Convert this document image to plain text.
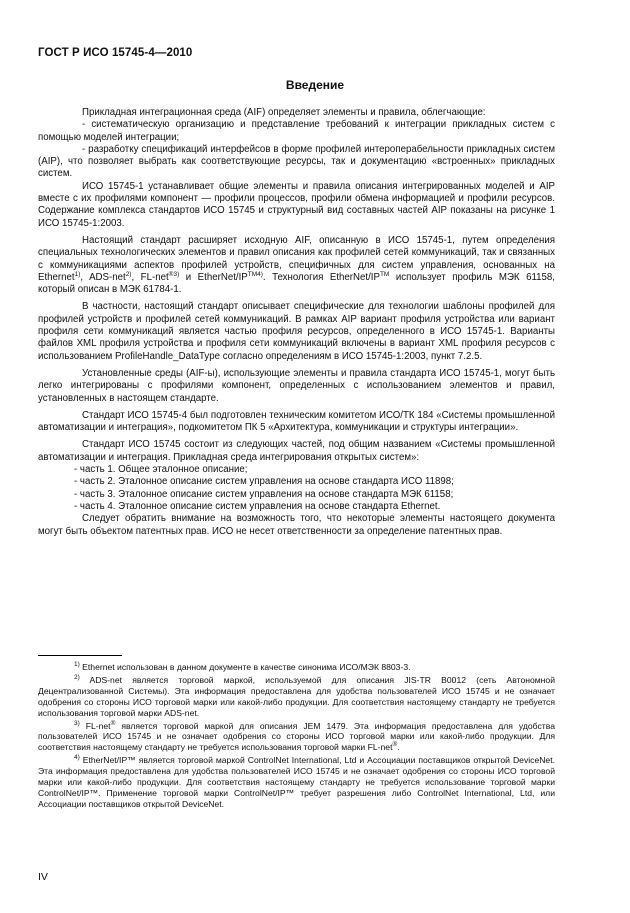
ГОСТ Р ИСО 15745-4—2010
Введение

Прикладная интеграционная среда (AIF) определяет элементы и правила, облегчающие:

- систематическую организацию и представление требований к интеграции прикладных систем с помощью моделей интеграции;

- разработку спецификаций интерфейсов в форме профилей интероперабельности прикладных систем (AIP), что позволяет выбрать как соответствующие ресурсы, так и документацию «встроенных» прикладных систем.

ИСО 15745-1 устанавливает общие элементы и правила описания интегрированных моделей и AIP вместе с их профилями компонент — профили процессов, профили обмена информацией и профили ресурсов. Содержание комплекса стандартов ИСО 15745 и структурный вид составных частей AIP показаны на рисунке 1 ИСО 15745-1:2003.

Настоящий стандарт расширяет исходную AIF, описанную в ИСО 15745-1, путем определения специальных технологических элементов и правил описания как профилей сетей коммуникаций, так и связанных с коммуникациями аспектов профилей устройств, специфичных для систем управления, основанных на Ethernet$^{1)}$, ADS-net$^{2)}$, FL-net$^{®3)}$ и EtherNet/$IP^{TM4)}$. Технология EtherNet/IP™ использует профиль МЭК 61158, который описан в МЭК 61784-1.

В частности, настоящий стандарт описывает специфические для технологии шаблоны профилей для профилей устройств и профилей сетей коммуникаций. В рамках AIP вариант профиля устройства или вариант профиля сети коммуникаций является частью профиля ресурсов, определенного в ИСО 15745-1. Варианты файлов XML профиля устройства и профиля сети коммуникаций включены в вариант XML профиля ресурсов с использованием ProfileHandle_DataType согласно определениям в ИСО 15745-1:2003, пункт 7.2.5.

Установленные среды (AIF-ы), использующие элементы и правила стандарта ИСО 15745-1, могут быть легко интегрированы с профилями компонент, определенных с использованием элементов и правил, установленных в настоящем стандарте.

Стандарт ИСО 15745-4 был подготовлен техническим комитетом ИСО/ТК 184 «Системы промышленной автоматизации и интеграция», подкомитетом ПК 5 «Архитектура, коммуникации и структуры интеграции».

Стандарт ИСО 15745 состоит из следующих частей, под общим названием «Системы промышленной автоматизации и интеграция. Прикладная среда интегрирования открытых систем»:

- часть 1. Общее эталонное описание;

- часть 2. Эталонное описание систем управления на основе стандарта ИСО 11898;

- часть 3. Эталонное описание систем управления на основе стандарта МЭК 61158;

- часть 4. Эталонное описание систем управления на основе стандарта Ethernet.

Следует обратить внимание на возможность того, что некоторые элементы настоящего документа могут быть объектом патентных прав. ИСО не несет ответственности за определение патентных прав.

$^{1)}$ Ethernet использован в данном документе в качестве синонима ИСО/МЭК 8803-3.

$^{2)}$ ADS-net является торговой маркой, используемой для описания JIS-TR B0012 (сеть Автономной Децентрализованной Системы). Эта информация предоставлена для удобства пользователей ИСО 15745 и не означает одобрения со стороны ИСО торговой марки или какой-либо продукции. Для соответствия настоящему стандарту не требуется использования торговой марки ADS-net.

$^{3)}$ FL-net® является торговой маркой для описания JEM 1479. Эта информация предоставлена для удобства пользователей ИСО 15745 и не означает одобрения со стороны ИСО торговой марки или какой-либо продукции. Для соответствия настоящему стандарту не требуется использования торговой марки FL-net®.

$^{4)}$ EtherNet/IP™ является торговой маркой ControlNet International, Ltd и Ассоциации поставщиков открытой DeviceNet. Эта информация предоставлена для удобства пользователей ИСО 15745 и не означает одобрения со стороны ИСО торговой марки или какой-либо продукции. Для соответствия настоящему стандарту не требуется использование торговой марки ControlNet/IP™. Применение торговой марки ControlNet/IP™ требует разрешения либо ControlNet International, Ltd, или Ассоциации поставщиков открытой DeviceNet.

IV
